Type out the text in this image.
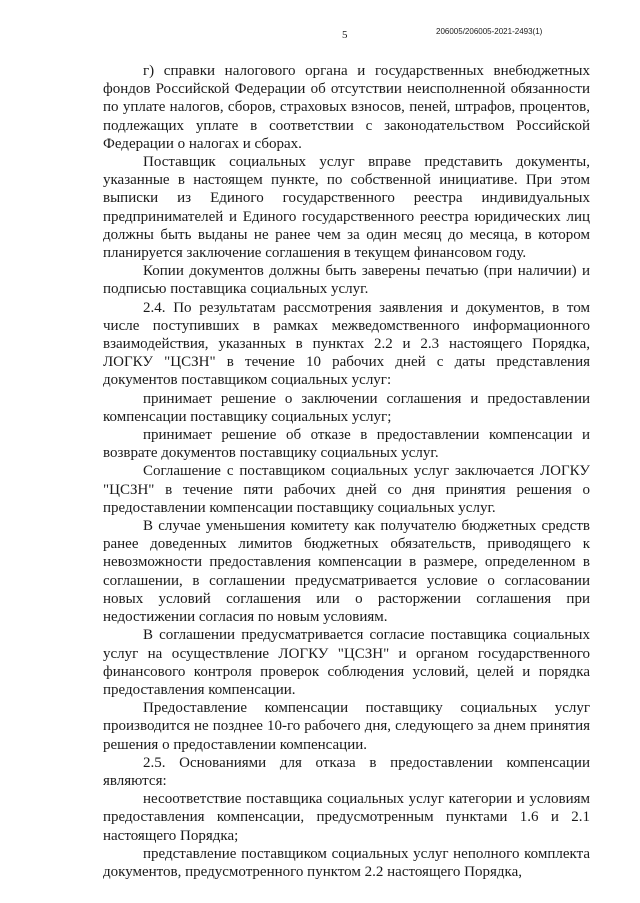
5	206005/206005-2021-2493(1)

г) справки налогового органа и государственных внебюджетных фондов Российской Федерации об отсутствии неисполненной обязанности по уплате налогов, сборов, страховых взносов, пеней, штрафов, процентов, подлежащих уплате в соответствии с законодательством Российской Федерации о налогах и сборах.

Поставщик социальных услуг вправе представить документы, указанные в настоящем пункте, по собственной инициативе. При этом выписки из Единого государственного реестра индивидуальных предпринимателей и Единого государственного реестра юридических лиц должны быть выданы не ранее чем за один месяц до месяца, в котором планируется заключение соглашения в текущем финансовом году.

Копии документов должны быть заверены печатью (при наличии) и подписью поставщика социальных услуг.

2.4. По результатам рассмотрения заявления и документов, в том числе поступивших в рамках межведомственного информационного взаимодействия, указанных в пунктах 2.2 и 2.3 настоящего Порядка, ЛОГКУ "ЦСЗН" в течение 10 рабочих дней с даты представления документов поставщиком социальных услуг:

принимает решение о заключении соглашения и предоставлении компенсации поставщику социальных услуг;

принимает решение об отказе в предоставлении компенсации и возврате документов поставщику социальных услуг.

Соглашение с поставщиком социальных услуг заключается ЛОГКУ "ЦСЗН" в течение пяти рабочих дней со дня принятия решения о предоставлении компенсации поставщику социальных услуг.

В случае уменьшения комитету как получателю бюджетных средств ранее доведенных лимитов бюджетных обязательств, приводящего к невозможности предоставления компенсации в размере, определенном в соглашении, в соглашении предусматривается условие о согласовании новых условий соглашения или о расторжении соглашения при недостижении согласия по новым условиям.

В соглашении предусматривается согласие поставщика социальных услуг на осуществление ЛОГКУ "ЦСЗН" и органом государственного финансового контроля проверок соблюдения условий, целей и порядка предоставления компенсации.

Предоставление компенсации поставщику социальных услуг производится не позднее 10-го рабочего дня, следующего за днем принятия решения о предоставлении компенсации.

2.5. Основаниями для отказа в предоставлении компенсации являются:

несоответствие поставщика социальных услуг категории и условиям предоставления компенсации, предусмотренным пунктами 1.6 и 2.1 настоящего Порядка;

представление поставщиком социальных услуг неполного комплекта документов, предусмотренного пунктом 2.2 настоящего Порядка,
